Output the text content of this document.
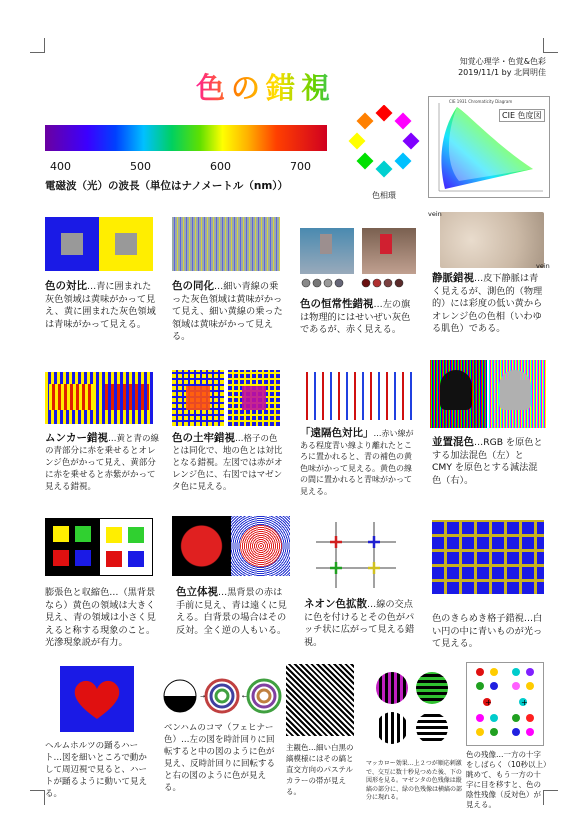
知覚心理学・色覚&色彩
2019/11/1 by 北岡明佳
色の錯視
400	500	600	700
電磁波（光）の波長（単位はナノメートル（nm））
色相環
CIE 1931 Chromaticity Diagram
CIE 色度図
vein
vein
色の対比…青に囲まれた灰色領域は黄味がかって見え、黄に囲まれた灰色領域は青味がかって見える。
色の同化…細い青線の乗った灰色領域は黄味がかって見え、細い黄線の乗った領域は黄味がかって見える。
色の恒常性錯視…左の旗は物理的にはせいぜい灰色であるが、赤く見える。
静脈錯視…皮下静脈は青く見えるが、測色的（物理的）には彩度の低い黄からオレンジ色の色相（いわゆる肌色）である。
ムンカー錯視…黄と青の線の青部分に赤を乗せるとオレンジ色がかって見え、黄部分に赤を乗せると赤紫がかって見える錯視。
色の土牢錯視…格子の色とは同化で、地の色とは対比となる錯視。左図では赤がオレンジ色に、右図ではマゼンタ色に見える。
「遠隔色対比」…赤い線がある程度青い線より離れたところに置かれると、青の補色の黄色味がかって見える。黄色の線の間に置かれると青味がかって見える。
並置混色…RGB を原色とする加法混色（左）と CMY を原色とする減法混色（右）。
膨張色と収縮色…（黒背景なら）黄色の領域は大きく見え、青の領域は小さく見えると称する現象のこと。光滲現象説が有力。
色立体視…黒背景の赤は手前に見え、青は遠くに見える。白背景の場合はその反対。全く逆の人もいる。
ネオン色拡散…線の交点に色を付けるとその色がパッチ状に広がって見える錯視。
色のきらめき格子錯視…白い円の中に青いものが光って見える。
→	←
+	+
ヘルムホルツの踊るハート…図を細いところで動かして周辺視で見ると、ハートが踊るように動いて見える。
ベンハムのコマ（フェヒナー色）…左の図を時計回りに回転すると中の図のように色が見え、反時計回りに回転すると右の図のように色が見える。
主観色…細い白黒の縞模様にはその縞と直交方向のパステルカラーの帯が見える。
マッカロー効果…上２つが順応刺激で、交互に数十秒見つめた後、下の図形を見る。マゼンタの色残像は縦縞の部分に、緑の色残像は横縞の部分に現れる。
色の残像…一方の十字をしばらく（10秒以上）眺めて、もう一方の十字に目を移すと、色の陰性残像（反対色）が見える。
